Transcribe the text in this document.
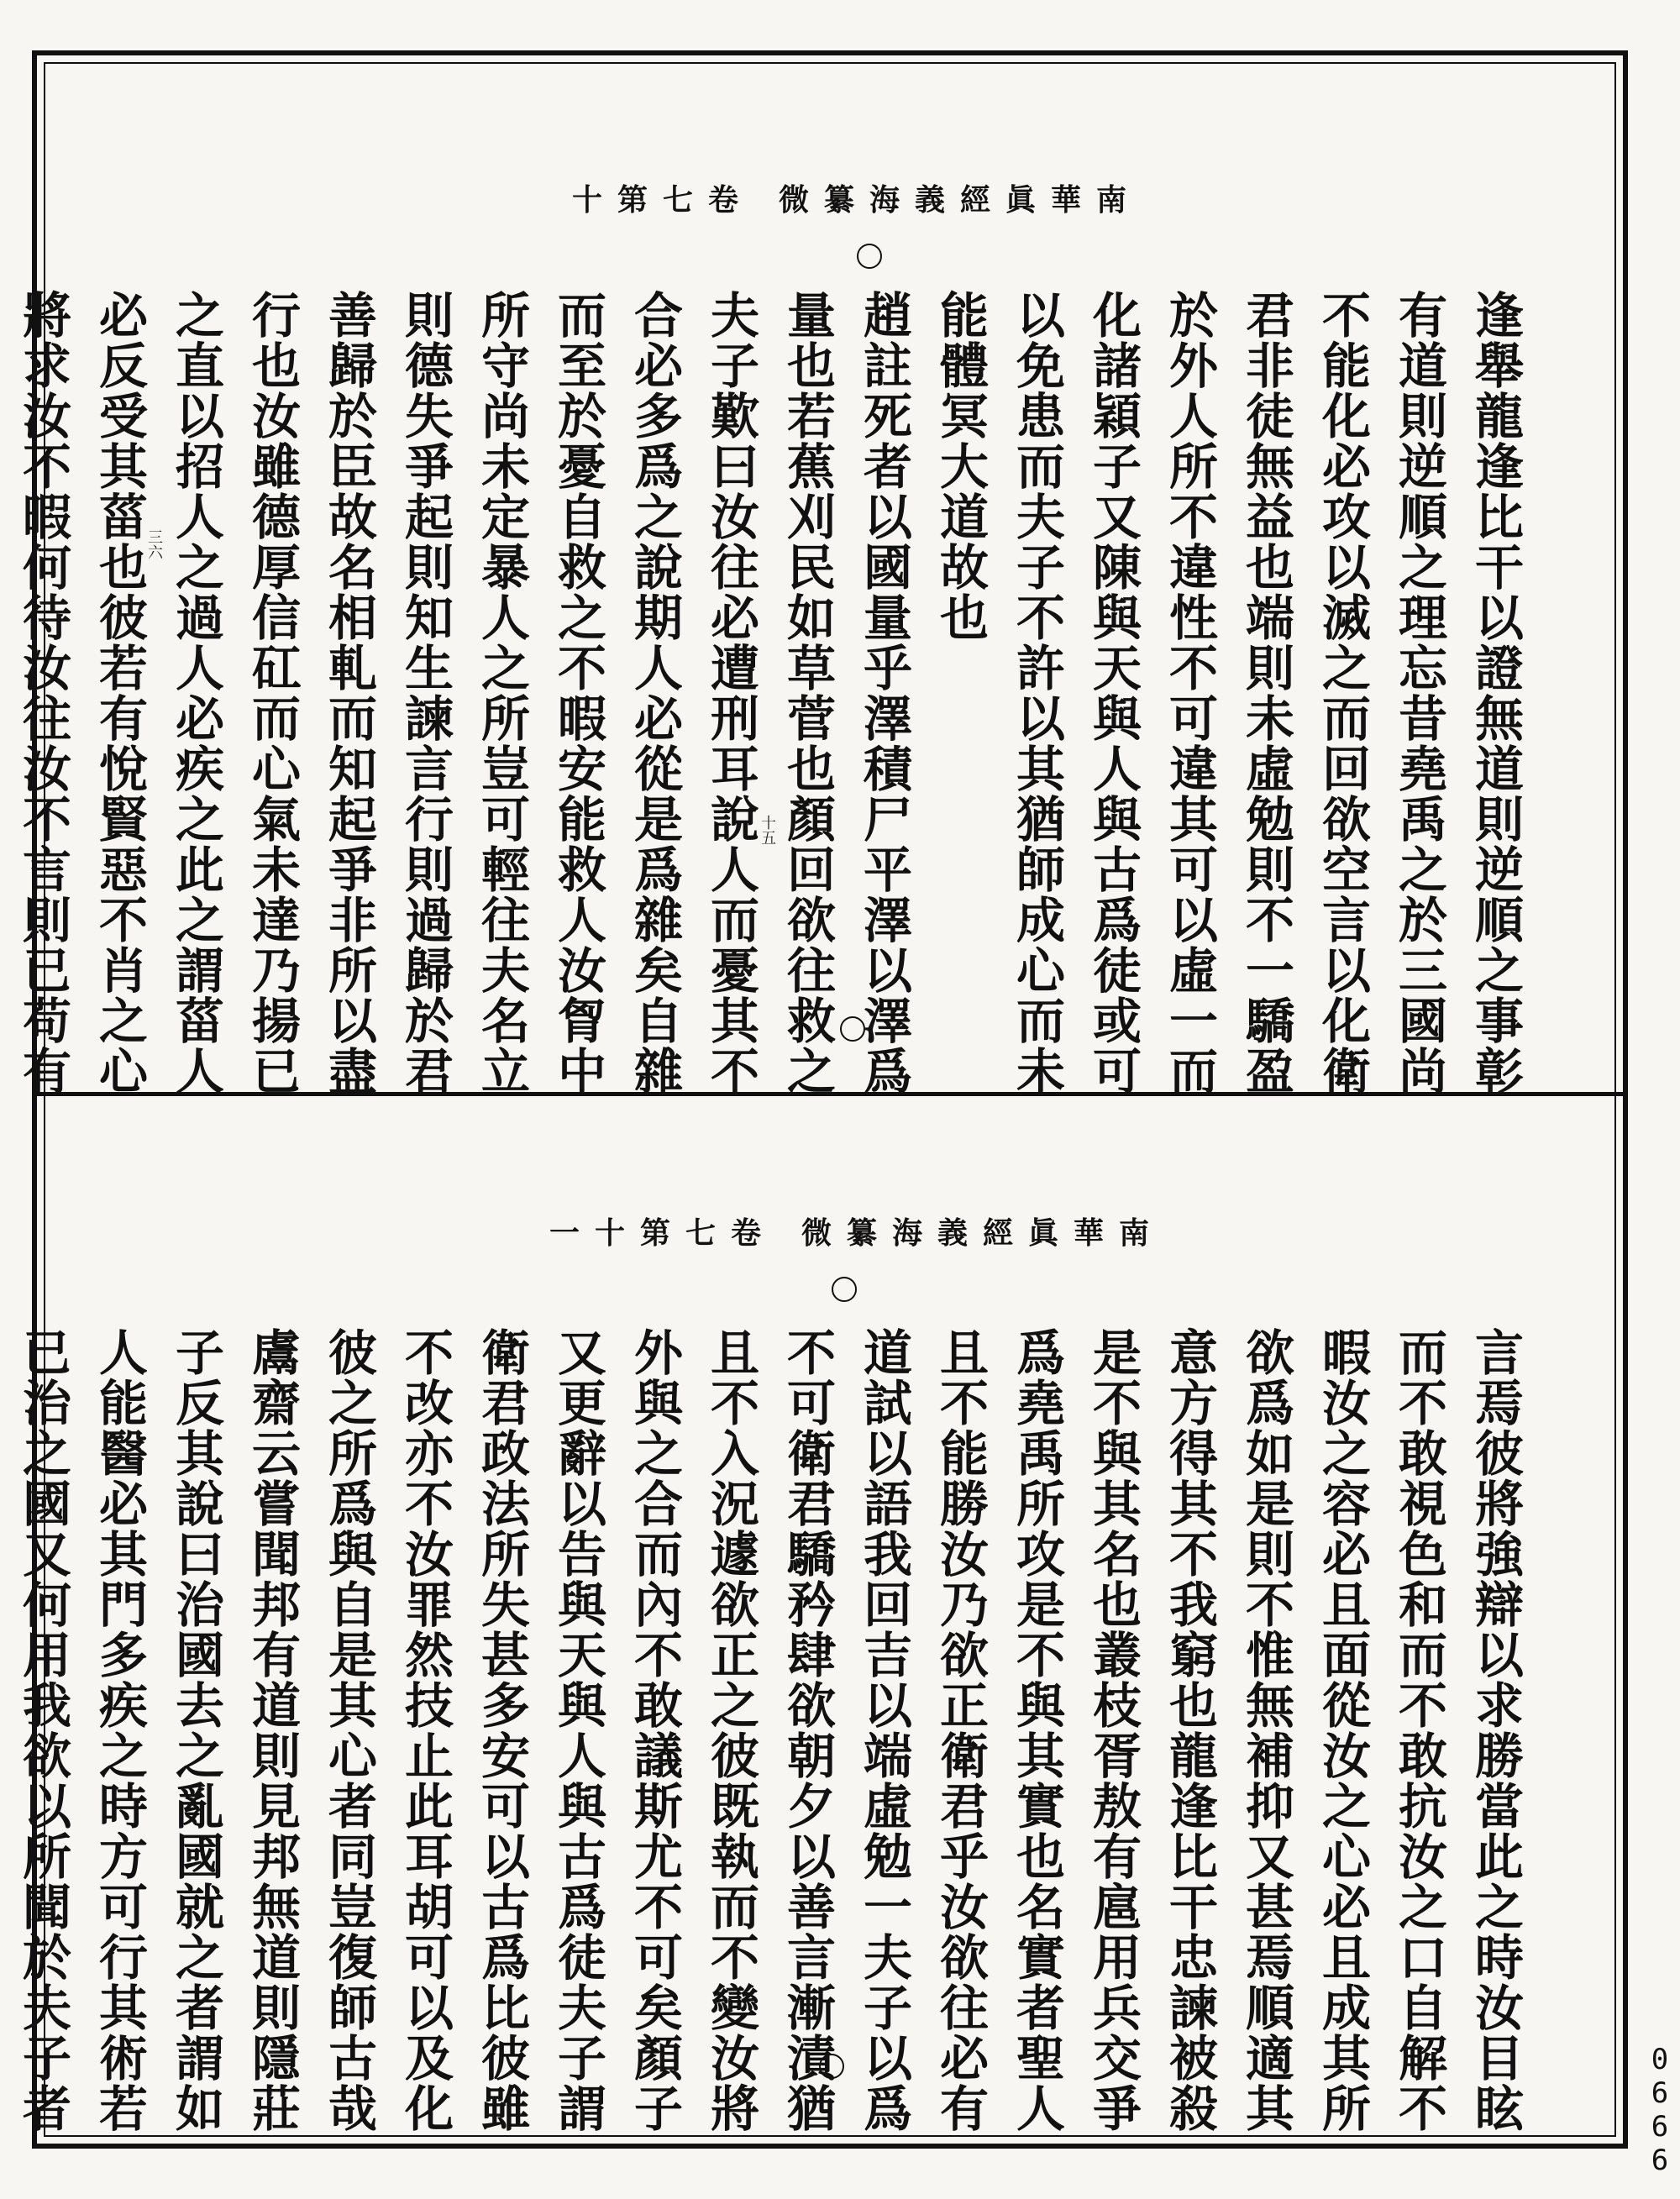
卷七第十 南華眞經義海纂微
逢舉龍逢比干以證無道則逆順之事彰
有道則逆順之理忘昔堯禹之於三國尚
不能化必攻以滅之而回欲空言以化衛
君非徒無益也端則未虛勉則不一驕盈
於外人所不違性不可違其可以虛一而
化諸穎子又陳與天與人與古爲徒或可
以免患而夫子不許以其猶師成心而未
能體冥大道故也
趙註死者以國量乎澤積尸平澤以澤爲
量也若蕉刈民如草菅也顏回欲往救之
夫子歎曰汝往必遭刑耳說人而憂其不
合必多爲之說期人必從是爲雜矣自雜
而至於憂自救之不暇安能救人汝胷中
所守尚未定暴人之所豈可輕往夫名立
則德失爭起則知生諫言行則過歸於君
善歸於臣故名相軋而知起爭非所以盡
行也汝雖德厚信矼而心氣未達乃揚已
之直以招人之過人必疾之此之謂菑人
必反受其菑也彼若有悅賢惡不肖之心
將求汝不暇何待汝往汝不言則已苟有	三六
十五
卷七第十一 南華眞經義海纂微
言焉彼將強辯以求勝當此之時汝目眩
而不敢視色和而不敢抗汝之口自解不
暇汝之容必且面從汝之心必且成其所
欲爲如是則不惟無補抑又甚焉順適其
意方得其不我窮也龍逢比干忠諫被殺
是不與其名也叢枝胥敖有扈用兵交爭
爲堯禹所攻是不與其實也名實者聖人
且不能勝汝乃欲正衛君乎汝欲往必有
道試以語我回吉以端虛勉一夫子以爲
不可衛君驕矜肆欲朝夕以善言漸漬猶
且不入況遽欲正之彼既執而不變汝將
外與之合而內不敢議斯尤不可矣顏子
又更辭以告與天與人與古爲徒夫子謂
衛君政法所失甚多安可以古爲比彼雖
不改亦不汝罪然技止此耳胡可以及化
彼之所爲與自是其心者同豈復師古哉
鬳齋云嘗聞邦有道則見邦無道則隱莊
子反其說曰治國去之亂國就之者謂如
人能醫必其門多疾之時方可行其術若
已治之國又何用我欲以所聞於夫子者	0666
